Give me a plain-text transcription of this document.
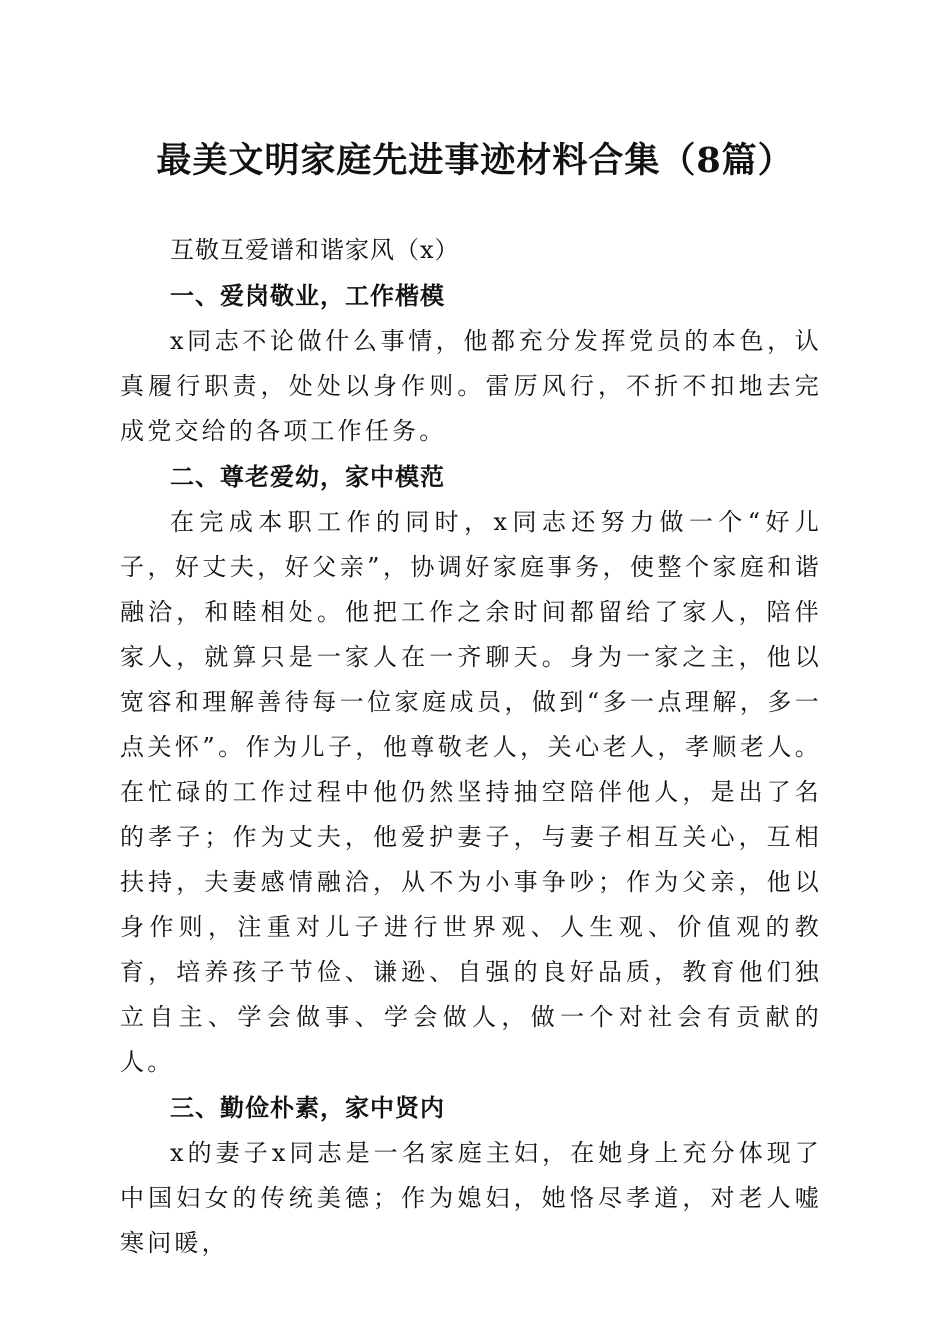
最美文明家庭先进事迹材料合集（8篇）

互敬互爱谱和谐家风（x）

一、爱岗敬业，工作楷模

x同志不论做什么事情，他都充分发挥党员的本色，认真履行职责，处处以身作则。雷厉风行，不折不扣地去完成党交给的各项工作任务。

二、尊老爱幼，家中模范

在完成本职工作的同时，x同志还努力做一个“好儿子，好丈夫，好父亲”，协调好家庭事务，使整个家庭和谐融洽，和睦相处。他把工作之余时间都留给了家人，陪伴家人，就算只是一家人在一齐聊天。身为一家之主，他以宽容和理解善待每一位家庭成员，做到“多一点理解，多一点关怀”。作为儿子，他尊敬老人，关心老人，孝顺老人。在忙碌的工作过程中他仍然坚持抽空陪伴他人，是出了名的孝子；作为丈夫，他爱护妻子，与妻子相互关心，互相扶持，夫妻感情融洽，从不为小事争吵；作为父亲，他以身作则，注重对儿子进行世界观、人生观、价值观的教育，培养孩子节俭、谦逊、自强的良好品质，教育他们独立自主、学会做事、学会做人，做一个对社会有贡献的人。

三、勤俭朴素，家中贤内

x的妻子x同志是一名家庭主妇，在她身上充分体现了中国妇女的传统美德；作为媳妇，她恪尽孝道，对老人嘘寒问暖，
